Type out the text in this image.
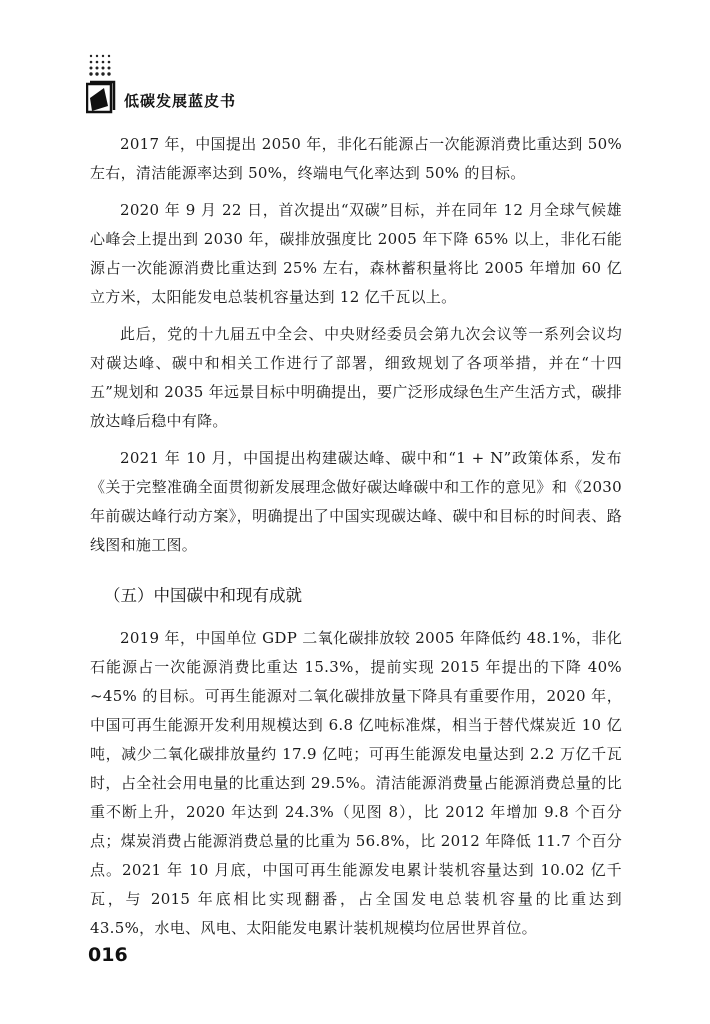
低碳发展蓝皮书

2017 年，中国提出 2050 年，非化石能源占一次能源消费比重达到 50% 左右，清洁能源率达到 50%，终端电气化率达到 50% 的目标。

2020 年 9 月 22 日，首次提出“双碳”目标，并在同年 12 月全球气候雄心峰会上提出到 2030 年，碳排放强度比 2005 年下降 65% 以上，非化石能源占一次能源消费比重达到 25% 左右，森林蓄积量将比 2005 年增加 60 亿立方米，太阳能发电总装机容量达到 12 亿千瓦以上。

此后，党的十九届五中全会、中央财经委员会第九次会议等一系列会议均对碳达峰、碳中和相关工作进行了部署，细致规划了各项举措，并在“十四五”规划和 2035 年远景目标中明确提出，要广泛形成绿色生产生活方式，碳排放达峰后稳中有降。

2021 年 10 月，中国提出构建碳达峰、碳中和“1 + N”政策体系，发布《关于完整准确全面贯彻新发展理念做好碳达峰碳中和工作的意见》和《2030 年前碳达峰行动方案》，明确提出了中国实现碳达峰、碳中和目标的时间表、路线图和施工图。

（五）中国碳中和现有成就

2019 年，中国单位 GDP 二氧化碳排放较 2005 年降低约 48.1%，非化石能源占一次能源消费比重达 15.3%，提前实现 2015 年提出的下降 40% ~45% 的目标。可再生能源对二氧化碳排放量下降具有重要作用，2020 年，中国可再生能源开发利用规模达到 6.8 亿吨标准煤，相当于替代煤炭近 10 亿吨，减少二氧化碳排放量约 17.9 亿吨；可再生能源发电量达到 2.2 万亿千瓦时，占全社会用电量的比重达到 29.5%。清洁能源消费量占能源消费总量的比重不断上升，2020 年达到 24.3%（见图 8），比 2012 年增加 9.8 个百分点；煤炭消费占能源消费总量的比重为 56.8%，比 2012 年降低 11.7 个百分点。2021 年 10 月底，中国可再生能源发电累计装机容量达到 10.02 亿千瓦，与 2015 年底相比实现翻番，占全国发电总装机容量的比重达到 43.5%，水电、风电、太阳能发电累计装机规模均位居世界首位。

016
